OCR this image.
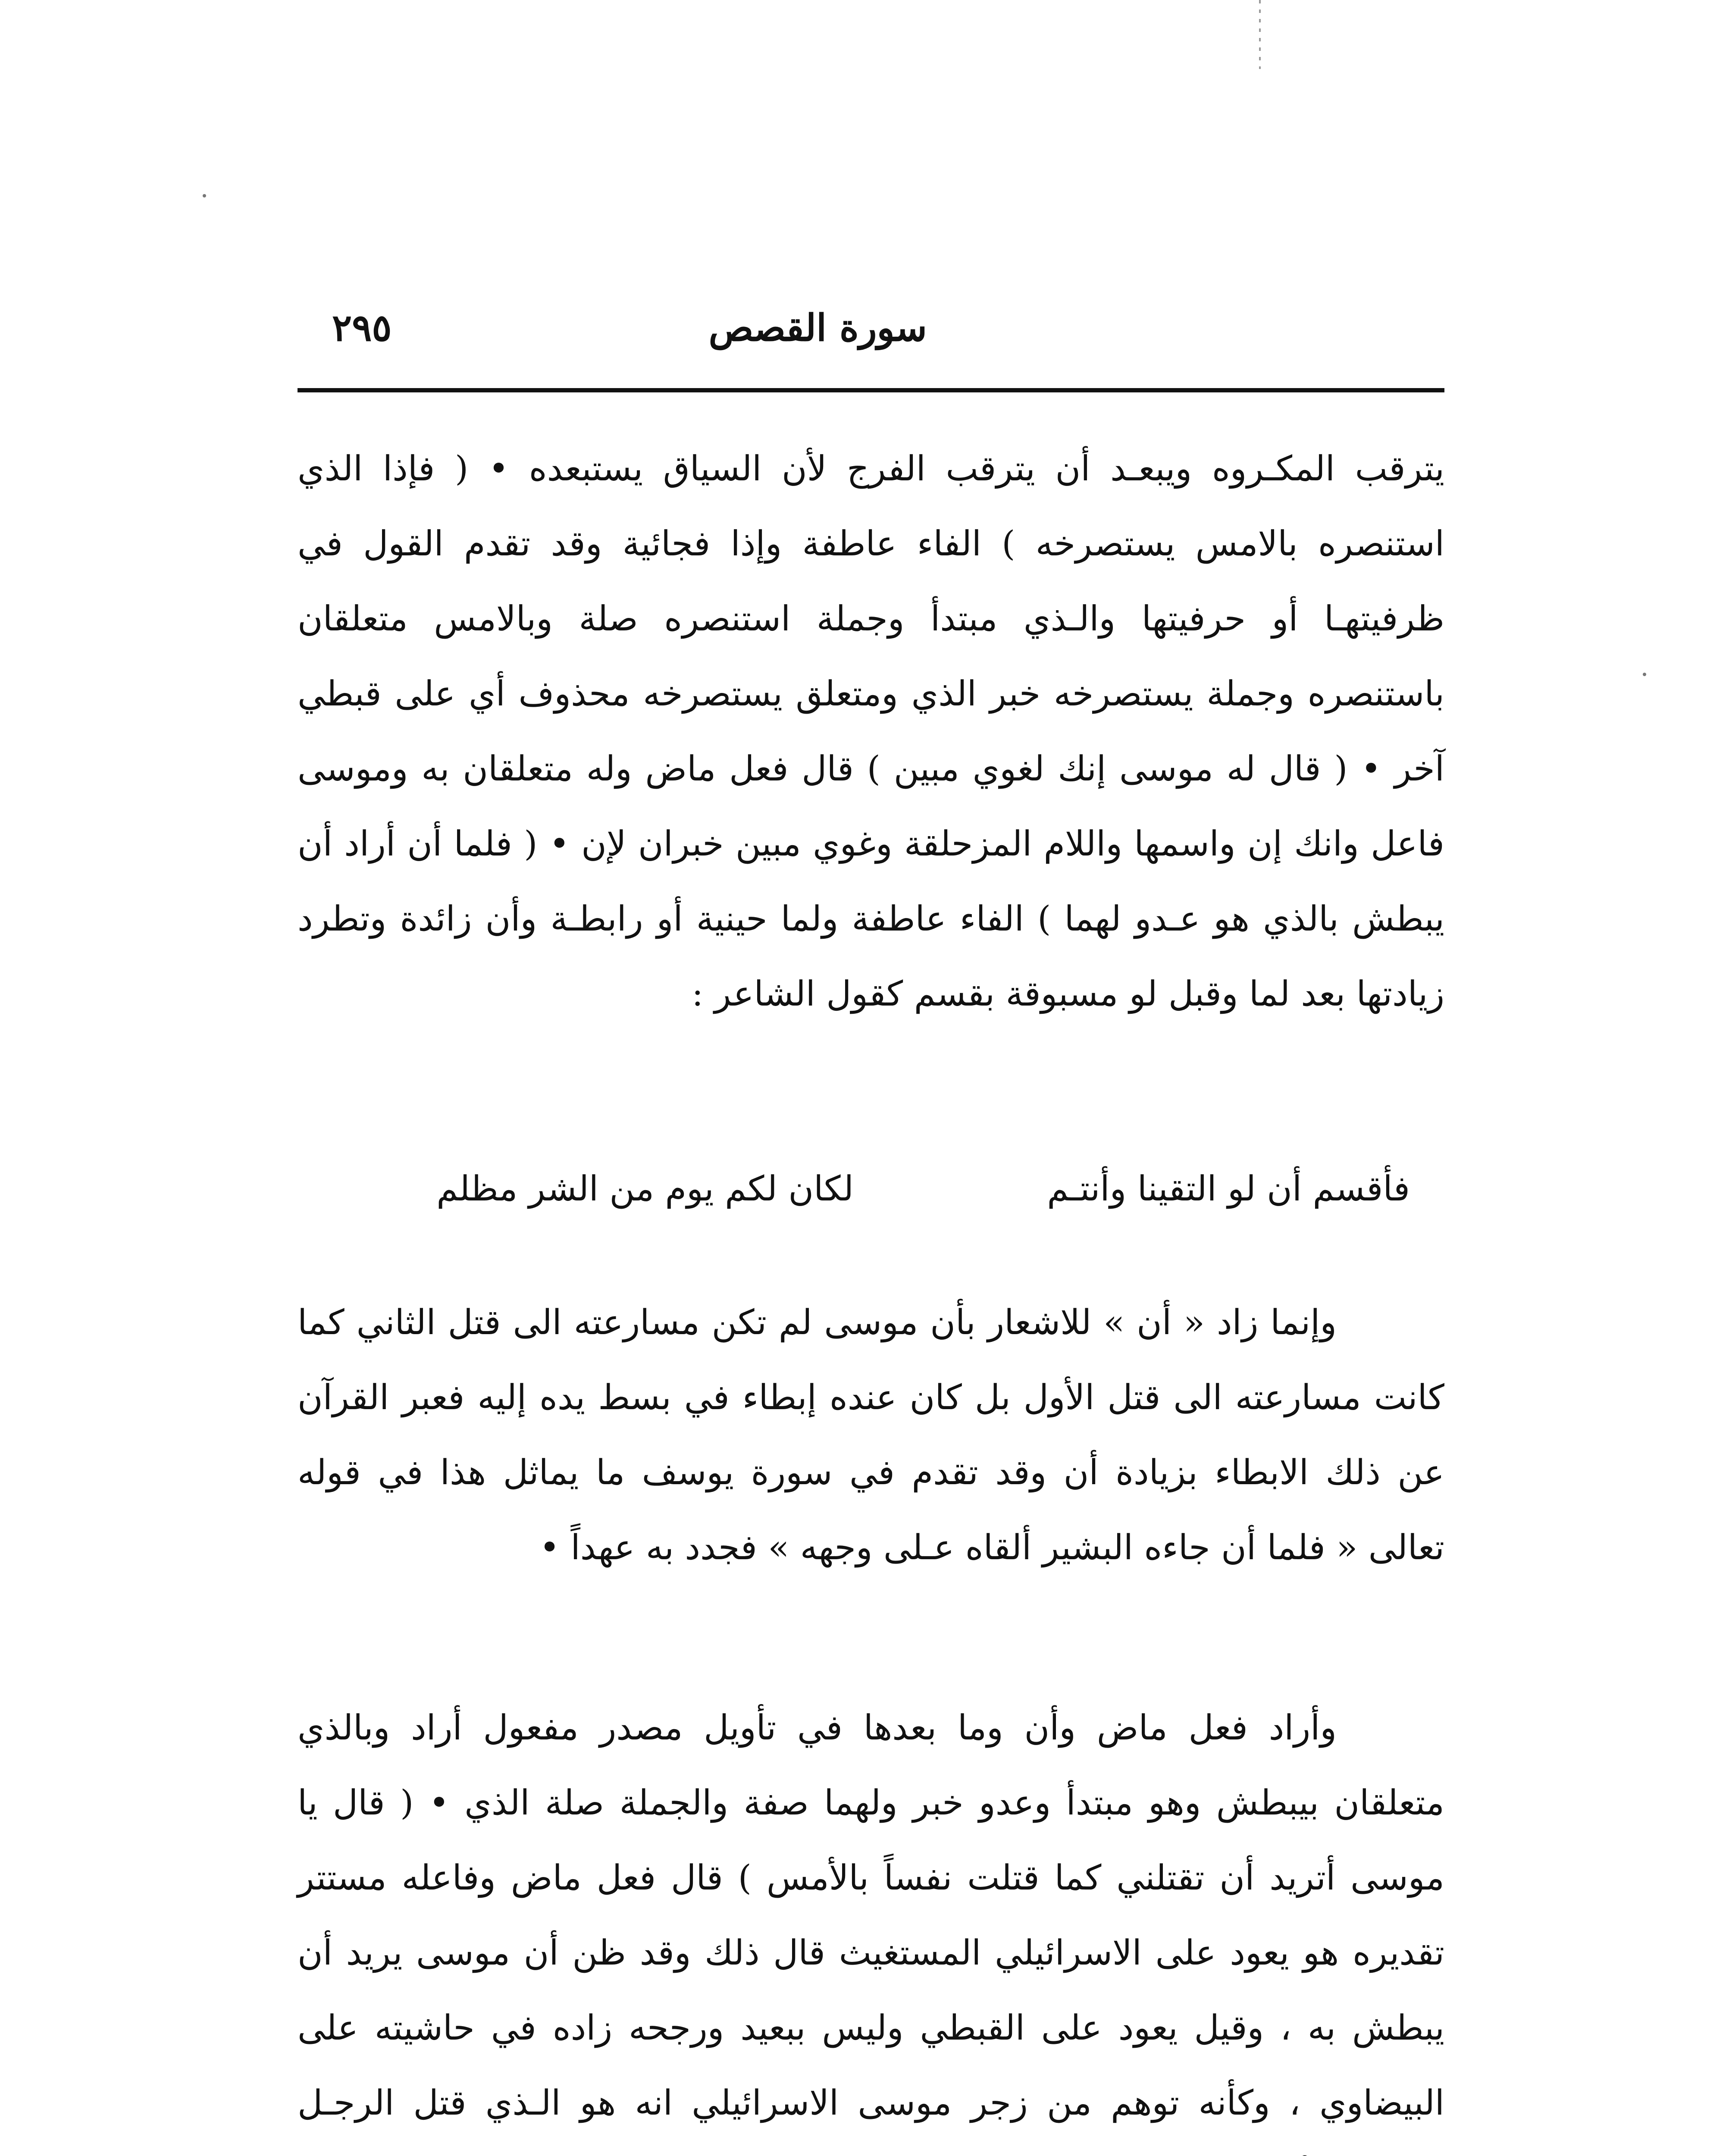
سورة القصص
٢٩٥

يترقب المكـروه ويبعـد أن يترقب الفرج لأن السياق يستبعده • ( فإذا الذي استنصره بالامس يستصرخه ) الفاء عاطفة وإذا فجائية وقد تقدم القول في ظرفيتهـا أو حرفيتها والـذي مبتدأ وجملة استنصره صلة وبالامس متعلقان باستنصره وجملة يستصرخه خبر الذي ومتعلق يستصرخه محذوف أي على قبطي آخر • ( قال له موسى إنك لغوي مبين ) قال فعل ماض وله متعلقان به وموسى فاعل وانك إن واسمها واللام المزحلقة وغوي مبين خبران لإن • ( فلما أن أراد أن يبطش بالذي هو عـدو لهما ) الفاء عاطفة ولما حينية أو رابطـة وأن زائدة وتطرد زيادتها بعد لما وقبل لو مسبوقة بقسم كقول الشاعر :

فأقسم أن لو التقينا وأنتـم
لكان لكم يوم من الشر مظلم

وإنما زاد « أن » للاشعار بأن موسى لم تكن مسارعته الى قتل الثاني كما كانت مسارعته الى قتل الأول بل كان عنده إبطاء في بسط يده إليه فعبر القرآن عن ذلك الابطاء بزيادة أن وقد تقدم في سورة يوسف ما يماثل هذا في قوله تعالى « فلما أن جاءه البشير ألقاه عـلى وجهه » فجدد به عهداً •

وأراد فعل ماض وأن وما بعدها في تأويل مصدر مفعول أراد وبالذي متعلقان بيبطش وهو مبتدأ وعدو خبر ولهما صفة والجملة صلة الذي • ( قال يا موسى أتريد أن تقتلني كما قتلت نفساً بالأمس ) قال فعل ماض وفاعله مستتر تقديره هو يعود على الاسرائيلي المستغيث قال ذلك وقد ظن أن موسى يريد أن يبطش به ، وقيل يعود على القبطي وليس ببعيد ورجحه زاده في حاشيته على البيضاوي ، وكأنه توهم من زجر موسى الاسرائيلي انه هو الـذي قتل الرجـل
